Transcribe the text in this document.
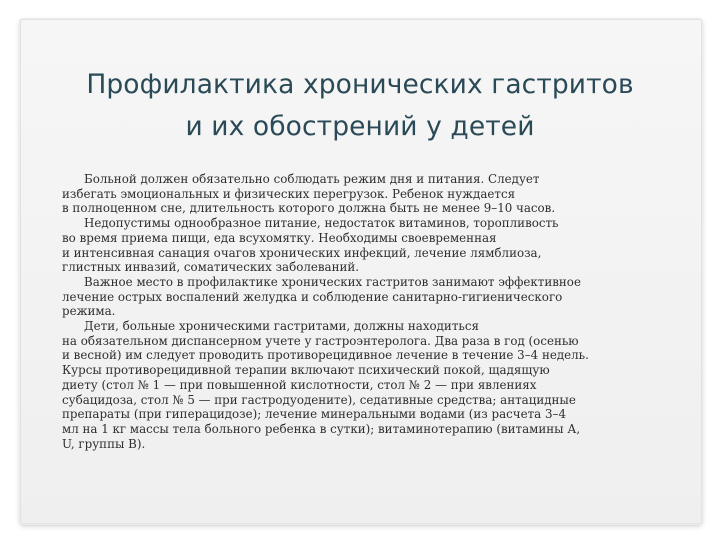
Профилактика хронических гастритов
и их обострений у детей
Больной должен обязательно соблюдать режим дня и питания. Следует
избегать эмоциональных и физических перегрузок. Ребенок нуждается
в полноценном сне, длительность которого должна быть не менее 9–10 часов.
Недопустимы однообразное питание, недостаток витаминов, торопливость
во время приема пищи, еда всухомятку. Необходимы своевременная
и интенсивная санация очагов хронических инфекций, лечение лямблиоза,
глистных инвазий, соматических заболеваний.
Важное место в профилактике хронических гастритов занимают эффективное
лечение острых воспалений желудка и соблюдение санитарно-гигиенического
режима.
Дети, больные хроническими гастритами, должны находиться
на обязательном диспансерном учете у гастроэнтеролога. Два раза в год (осенью
и весной) им следует проводить противорецидивное лечение в течение 3–4 недель.
Курсы противорецидивной терапии включают психический покой, щадящую
диету (стол № 1 — при повышенной кислотности, стол № 2 — при явлениях
субацидоза, стол № 5 — при гастродуодените), седативные средства; антацидные
препараты (при гиперацидозе); лечение минеральными водами (из расчета 3–4
мл на 1 кг массы тела больного ребенка в сутки); витаминотерапию (витамины А,
U, группы В).
